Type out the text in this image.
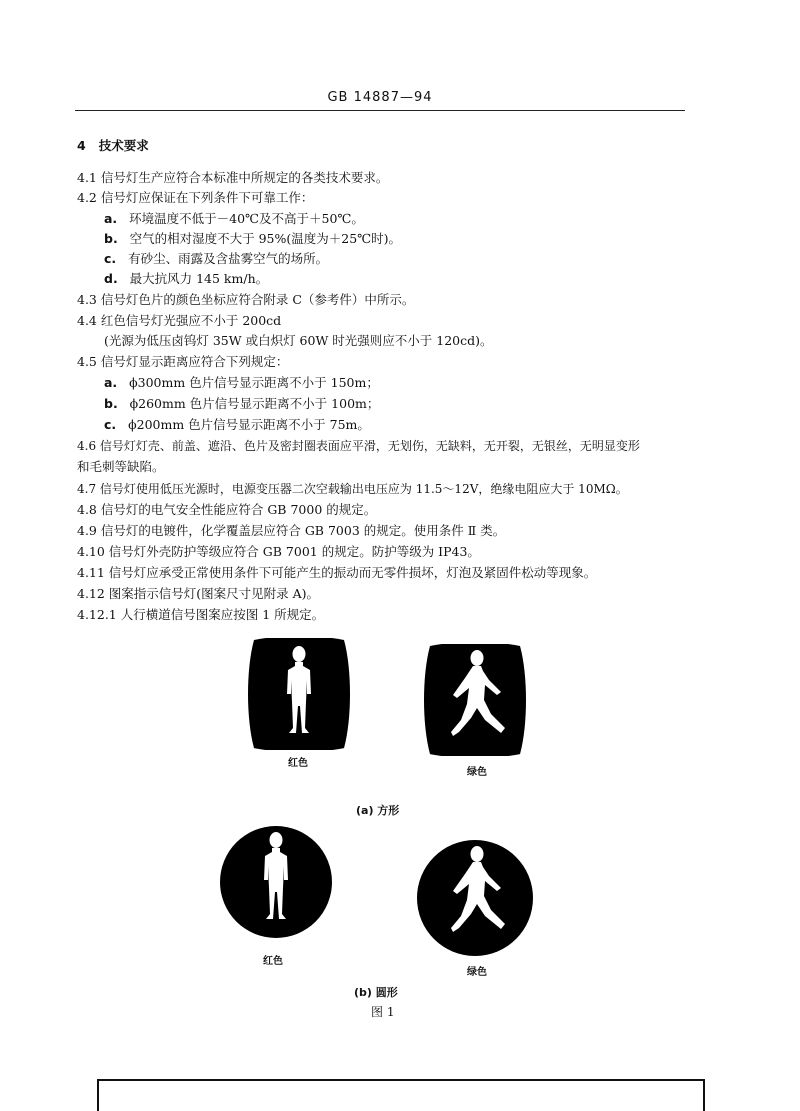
GB 14887—94
4 技术要求
4.1 信号灯生产应符合本标准中所规定的各类技术要求。
4.2 信号灯应保证在下列条件下可靠工作：
a. 环境温度不低于－40℃及不高于＋50℃。
b. 空气的相对湿度不大于 95%(温度为＋25℃时)。
c. 有砂尘、雨露及含盐雾空气的场所。
d. 最大抗风力 145 km/h。
4.3 信号灯色片的颜色坐标应符合附录 C（参考件）中所示。
4.4 红色信号灯光强应不小于 200cd
(光源为低压卤钨灯 35W 或白炽灯 60W 时光强则应不小于 120cd)。
4.5 信号灯显示距离应符合下列规定：
a. ϕ300mm 色片信号显示距离不小于 150m；
b. ϕ260mm 色片信号显示距离不小于 100m；
c. ϕ200mm 色片信号显示距离不小于 75m。
4.6 信号灯灯壳、前盖、遮沿、色片及密封圈表面应平滑，无划伤，无缺料，无开裂，无银丝，无明显变形
和毛刺等缺陷。
4.7 信号灯使用低压光源时，电源变压器二次空载输出电压应为 11.5～12V，绝缘电阻应大于 10MΩ。
4.8 信号灯的电气安全性能应符合 GB 7000 的规定。
4.9 信号灯的电镀件，化学覆盖层应符合 GB 7003 的规定。使用条件 Ⅱ 类。
4.10 信号灯外壳防护等级应符合 GB 7001 的规定。防护等级为 IP43。
4.11 信号灯应承受正常使用条件下可能产生的振动而无零件损坏，灯泡及紧固件松动等现象。
4.12 图案指示信号灯(图案尺寸见附录 A)。
4.12.1 人行横道信号图案应按图 1 所规定。
红色
绿色
(a) 方形
红色
绿色
(b) 圆形
图 1
